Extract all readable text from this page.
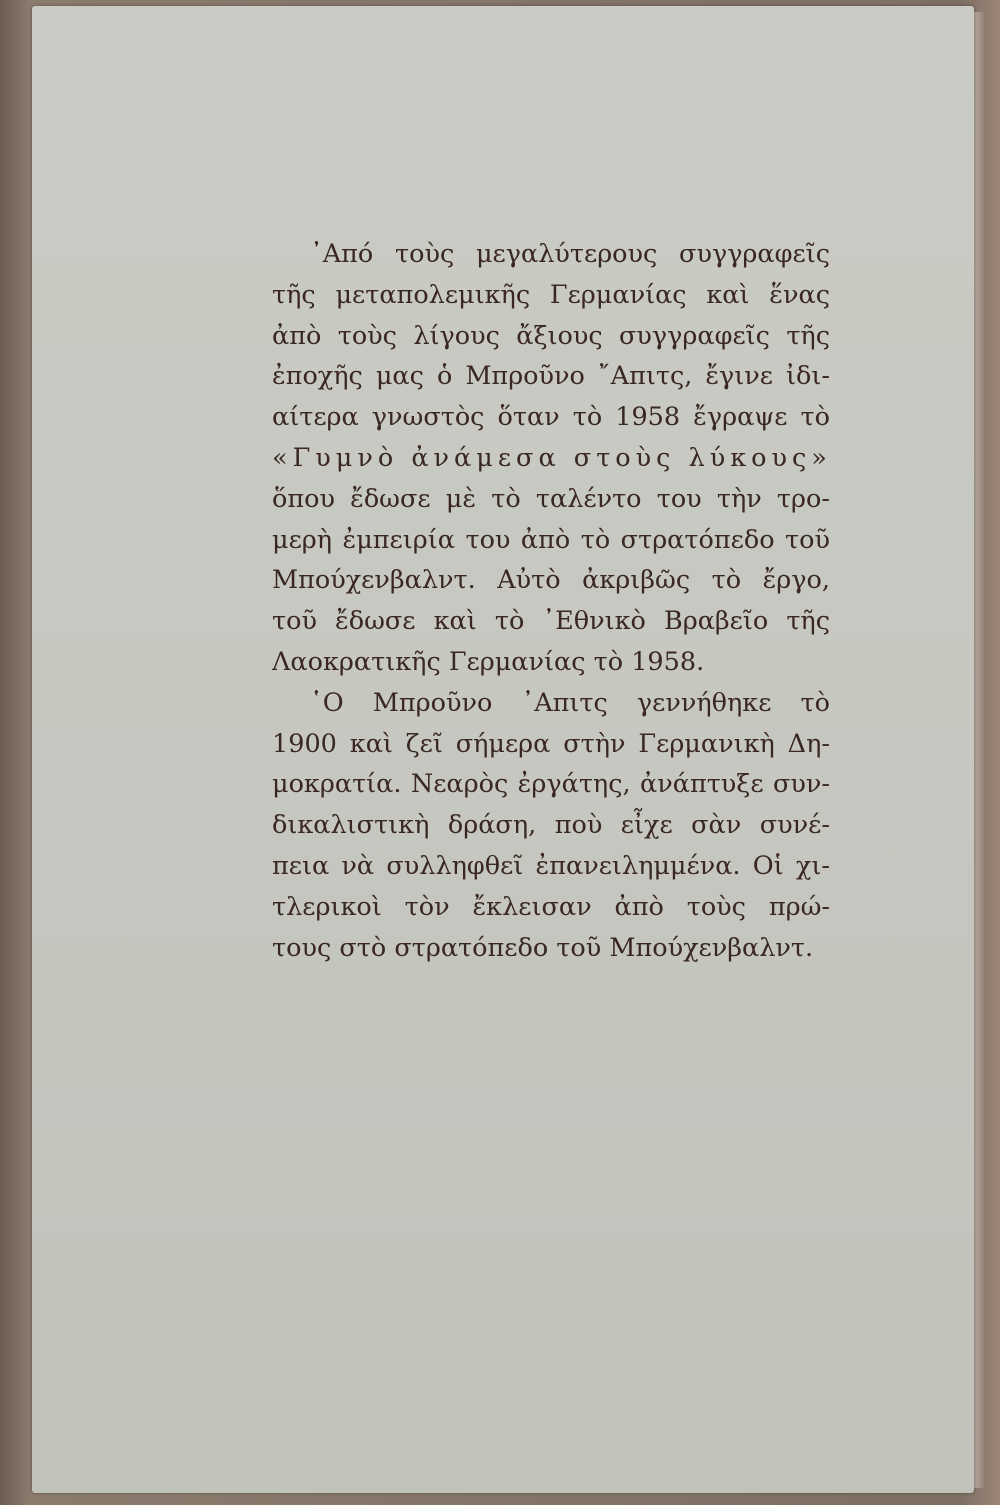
᾿Από τοὺς μεγαλύτερους συγγραφεῖς
τῆς μεταπολεμικῆς Γερμανίας καὶ ἕνας
ἀπὸ τοὺς λίγους ἄξιους συγγραφεῖς τῆς
ἐποχῆς μας ὁ Μπροῦνο ῎Απιτς, ἔγινε ἰδι-
αίτερα γνωστὸς ὅταν τὸ 1958 ἔγραψε τὸ
«Γυμνὸ ἀνάμεσα στοὺς λύκους»
ὅπου ἔδωσε μὲ τὸ ταλέντο του τὴν τρο-
μερὴ ἐμπειρία του ἀπὸ τὸ στρατόπεδο τοῦ
Μπούχενβαλντ. Αὐτὸ ἀκριβῶς τὸ ἔργο,
τοῦ ἔδωσε καὶ τὸ ᾿Εθνικὸ Βραβεῖο τῆς
Λαοκρατικῆς Γερμανίας τὸ 1958.
῾Ο Μπροῦνο ᾿Απιτς γεννήθηκε τὸ
1900 καὶ ζεῖ σήμερα στὴν Γερμανικὴ Δη-
μοκρατία. Νεαρὸς ἐργάτης, ἀνάπτυξε συν-
δικαλιστικὴ δράση, ποὺ εἶχε σὰν συνέ-
πεια νὰ συλληφθεῖ ἐπανειλημμένα. Οἱ χι-
τλερικοὶ τὸν ἔκλεισαν ἀπὸ τοὺς πρώ-
τους στὸ στρατόπεδο τοῦ Μπούχενβαλντ.
